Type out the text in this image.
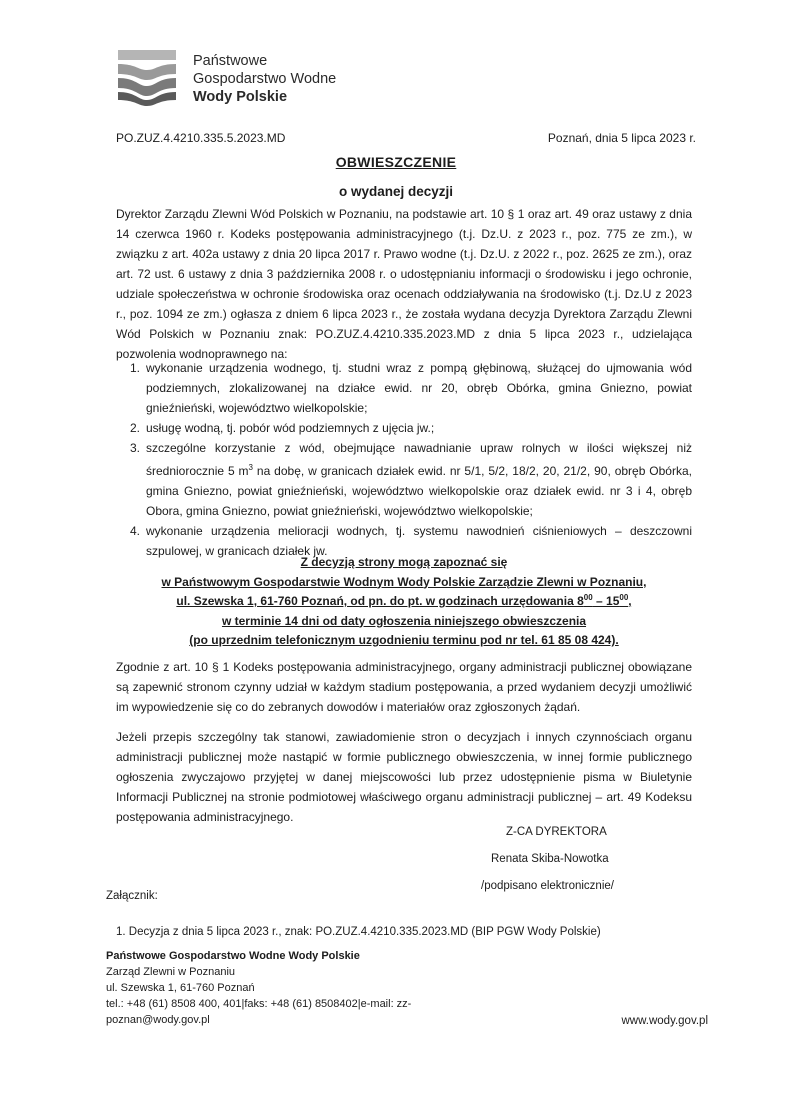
Państwowe
Gospodarstwo Wodne
Wody Polskie
PO.ZUZ.4.4210.335.5.2023.MD	Poznań, dnia 5 lipca 2023 r.
OBWIESZCZENIE
o wydanej decyzji
Dyrektor Zarządu Zlewni Wód Polskich w Poznaniu, na podstawie art. 10 § 1 oraz art. 49 oraz ustawy z dnia 14 czerwca 1960 r. Kodeks postępowania administracyjnego (t.j. Dz.U. z 2023 r., poz. 775 ze zm.), w związku z art. 402a ustawy z dnia 20 lipca 2017 r. Prawo wodne (t.j. Dz.U. z 2022 r., poz. 2625 ze zm.), oraz art. 72 ust. 6 ustawy z dnia 3 października 2008 r. o udostępnianiu informacji o środowisku i jego ochronie, udziale społeczeństwa w ochronie środowiska oraz ocenach oddziaływania na środowisko (t.j. Dz.U z 2023 r., poz. 1094 ze zm.) ogłasza z dniem 6 lipca 2023 r., że została wydana decyzja Dyrektora Zarządu Zlewni Wód Polskich w Poznaniu znak: PO.ZUZ.4.4210.335.2023.MD z dnia 5 lipca 2023 r., udzielająca pozwolenia wodnoprawnego na:
1. wykonanie urządzenia wodnego, tj. studni wraz z pompą głębinową, służącej do ujmowania wód podziemnych, zlokalizowanej na działce ewid. nr 20, obręb Obórka, gmina Gniezno, powiat gnieźnieński, województwo wielkopolskie;
2. usługę wodną, tj. pobór wód podziemnych z ujęcia jw.;
3. szczególne korzystanie z wód, obejmujące nawadnianie upraw rolnych w ilości większej niż średniorocznie 5 $m^3$ na dobę, w granicach działek ewid. nr 5/1, 5/2, 18/2, 20, 21/2, 90, obręb Obórka, gmina Gniezno, powiat gnieźnieński, województwo wielkopolskie oraz działek ewid. nr 3 i 4, obręb Obora, gmina Gniezno, powiat gnieźnieński, województwo wielkopolskie;
4. wykonanie urządzenia melioracji wodnych, tj. systemu nawodnień ciśnieniowych – deszczowni szpulowej, w granicach działek jw.
Z decyzją strony mogą zapoznać się
w Państwowym Gospodarstwie Wodnym Wody Polskie Zarządzie Zlewni w Poznaniu,
ul. Szewska 1, 61-760 Poznań, od pn. do pt. w godzinach urzędowania $8^{00} - 15^{00}$,
w terminie 14 dni od daty ogłoszenia niniejszego obwieszczenia
(po uprzednim telefonicznym uzgodnieniu terminu pod nr tel. 61 85 08 424).
Zgodnie z art. 10 § 1 Kodeks postępowania administracyjnego, organy administracji publicznej obowiązane są zapewnić stronom czynny udział w każdym stadium postępowania, a przed wydaniem decyzji umożliwić im wypowiedzenie się co do zebranych dowodów i materiałów oraz zgłoszonych żądań.
Jeżeli przepis szczególny tak stanowi, zawiadomienie stron o decyzjach i innych czynnościach organu administracji publicznej może nastąpić w formie publicznego obwieszczenia, w innej formie publicznego ogłoszenia zwyczajowo przyjętej w danej miejscowości lub przez udostępnienie pisma w Biuletynie Informacji Publicznej na stronie podmiotowej właściwego organu administracji publicznej – art. 49 Kodeksu postępowania administracyjnego.
Z-CA DYREKTORA
Renata Skiba-Nowotka
/podpisano elektronicznie/
Załącznik:
1. Decyzja z dnia 5 lipca 2023 r., znak: PO.ZUZ.4.4210.335.2023.MD (BIP PGW Wody Polskie)
Państwowe Gospodarstwo Wodne Wody Polskie
Zarząd Zlewni w Poznaniu
ul. Szewska 1, 61-760 Poznań
tel.: +48 (61) 8508 400, 401|faks: +48 (61) 8508402|e-mail: zz-
poznan@wody.gov.pl	www.wody.gov.pl
